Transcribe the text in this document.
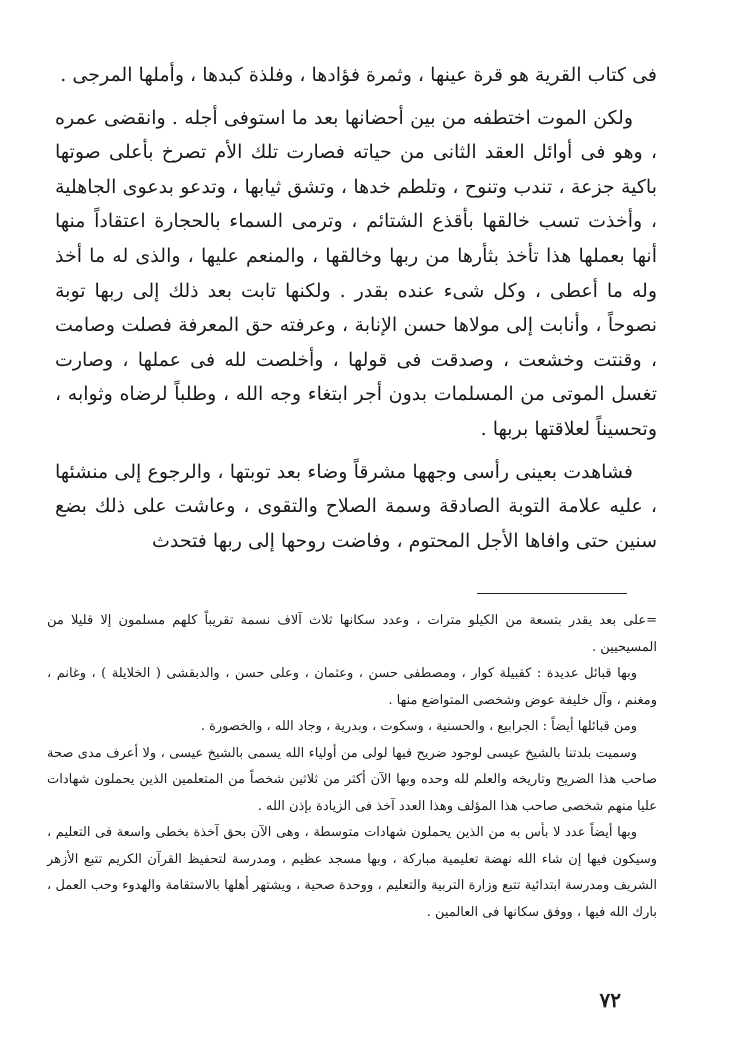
فى كتاب القرية هو قرة عينها ، وثمرة فؤادها ، وفلذة كبدها ، وأملها المرجى .

ولكن الموت اختطفه من بين أحضانها بعد ما استوفى أجله . وانقضى عمره ، وهو فى أوائل العقد الثانى من حياته فصارت تلك الأم تصرخ بأعلى صوتها باكية جزعة ، تندب وتنوح ، وتلطم خدها ، وتشق ثيابها ، وتدعو بدعوى الجاهلية ، وأخذت تسب خالقها بأقذع الشتائم ، وترمى السماء بالحجارة اعتقاداً منها أنها بعملها هذا تأخذ بثأرها من ربها وخالقها ، والمنعم عليها ، والذى له ما أخذ وله ما أعطى ، وكل شىء عنده بقدر . ولكنها تابت بعد ذلك إلى ربها توبة نصوحاً ، وأنابت إلى مولاها حسن الإنابة ، وعرفته حق المعرفة فصلت وصامت ، وقنتت وخشعت ، وصدقت فى قولها ، وأخلصت لله فى عملها ، وصارت تغسل الموتى من المسلمات بدون أجر ابتغاء وجه الله ، وطلباً لرضاه وثوابه ، وتحسيناً لعلاقتها بربها .

فشاهدت بعينى رأسى وجهها مشرقاً وضاء بعد توبتها ، والرجوع إلى منشئها ، عليه علامة التوبة الصادقة وسمة الصلاح والتقوى ، وعاشت على ذلك بضع سنين حتى وافاها الأجل المحتوم ، وفاضت روحها إلى ربها فتحدث

=على بعد يقدر بتسعة من الكيلو مترات ، وعدد سكانها ثلاث آلاف نسمة تقريباً كلهم مسلمون إلا قليلا من المسيحيين .

وبها قبائل عديدة : كقبيلة كوار ، ومصطفى حسن ، وعثمان ، وعلى حسن ، والدبقشى ( الخلايلة ) ، وغانم ، ومغنم ، وآل خليفة عوض وشخصى المتواضع منها .

ومن قبائلها أيضاً : الجرابيع ، والحسنية ، وسكوت ، وبدرية ، وجاد الله ، والخصورة .

وسميت بلدتنا بالشيخ عيسى لوجود ضريح فيها لولى من أولياء الله يسمى بالشيخ عيسى ، ولا أعرف مدى صحة صاحب هذا الضريح وتاريخه والعلم لله وحده وبها الآن أكثر من ثلاثين شخصاً من المتعلمين الذين يحملون شهادات عليا منهم شخصى صاحب هذا المؤلف وهذا العدد آخذ فى الزيادة بإذن الله .

وبها أيضاً عدد لا بأس به من الذين يحملون شهادات متوسطة ، وهى الآن بحق آخذة بخطى واسعة فى التعليم ، وسيكون فيها إن شاء الله نهضة تعليمية مباركة ، وبها مسجد عظيم ، ومدرسة لتحفيظ القرآن الكريم تتبع الأزهر الشريف ومدرسة ابتدائية تتبع وزارة التربية والتعليم ، ووحدة صحية ، ويشتهر أهلها بالاستقامة والهدوء وحب العمل ، بارك الله فيها ، ووفق سكانها فى العالمين .

٧٢
